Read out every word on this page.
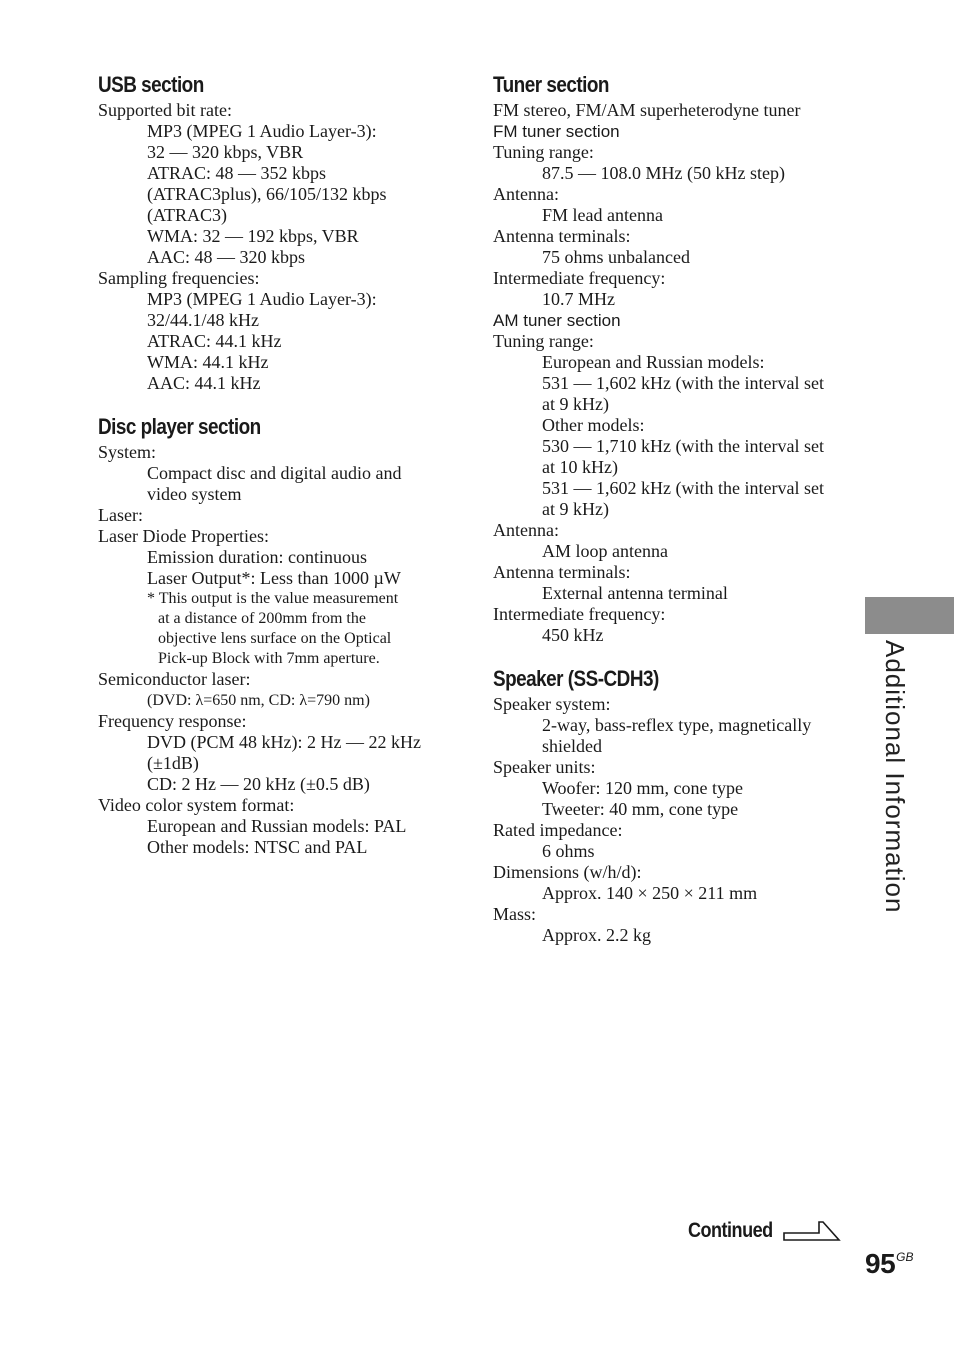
USB section
Supported bit rate:
MP3 (MPEG 1 Audio Layer-3):
32 — 320 kbps, VBR
ATRAC: 48 — 352 kbps
(ATRAC3plus), 66/105/132 kbps
(ATRAC3)
WMA: 32 — 192 kbps, VBR
AAC: 48 — 320 kbps
Sampling frequencies:
MP3 (MPEG 1 Audio Layer-3):
32/44.1/48 kHz
ATRAC: 44.1 kHz
WMA: 44.1 kHz
AAC: 44.1 kHz
Disc player section
System:
Compact disc and digital audio and
video system
Laser:
Laser Diode Properties:
Emission duration: continuous
Laser Output*: Less than 1000 µW
* This output is the value measurement
at a distance of 200mm from the
objective lens surface on the Optical
Pick-up Block with 7mm aperture.
Semiconductor laser:
(DVD: λ=650 nm, CD: λ=790 nm)
Frequency response:
DVD (PCM 48 kHz): 2 Hz — 22 kHz
(±1dB)
CD: 2 Hz — 20 kHz (±0.5 dB)
Video color system format:
European and Russian models: PAL
Other models: NTSC and PAL
Tuner section
FM stereo, FM/AM superheterodyne tuner
FM tuner section
Tuning range:
87.5 — 108.0 MHz (50 kHz step)
Antenna:
FM lead antenna
Antenna terminals:
75 ohms unbalanced
Intermediate frequency:
10.7 MHz
AM tuner section
Tuning range:
European and Russian models:
531 — 1,602 kHz (with the interval set
at 9 kHz)
Other models:
530 — 1,710 kHz (with the interval set
at 10 kHz)
531 — 1,602 kHz (with the interval set
at 9 kHz)
Antenna:
AM loop antenna
Antenna terminals:
External antenna terminal
Intermediate frequency:
450 kHz
Speaker (SS-CDH3)
Speaker system:
2-way, bass-reflex type, magnetically
shielded
Speaker units:
Woofer: 120 mm, cone type
Tweeter: 40 mm, cone type
Rated impedance:
6 ohms
Dimensions (w/h/d):
Approx. 140 × 250 × 211 mm
Mass:
Approx. 2.2 kg
Additional Information
Continued
$95^{GB}$
